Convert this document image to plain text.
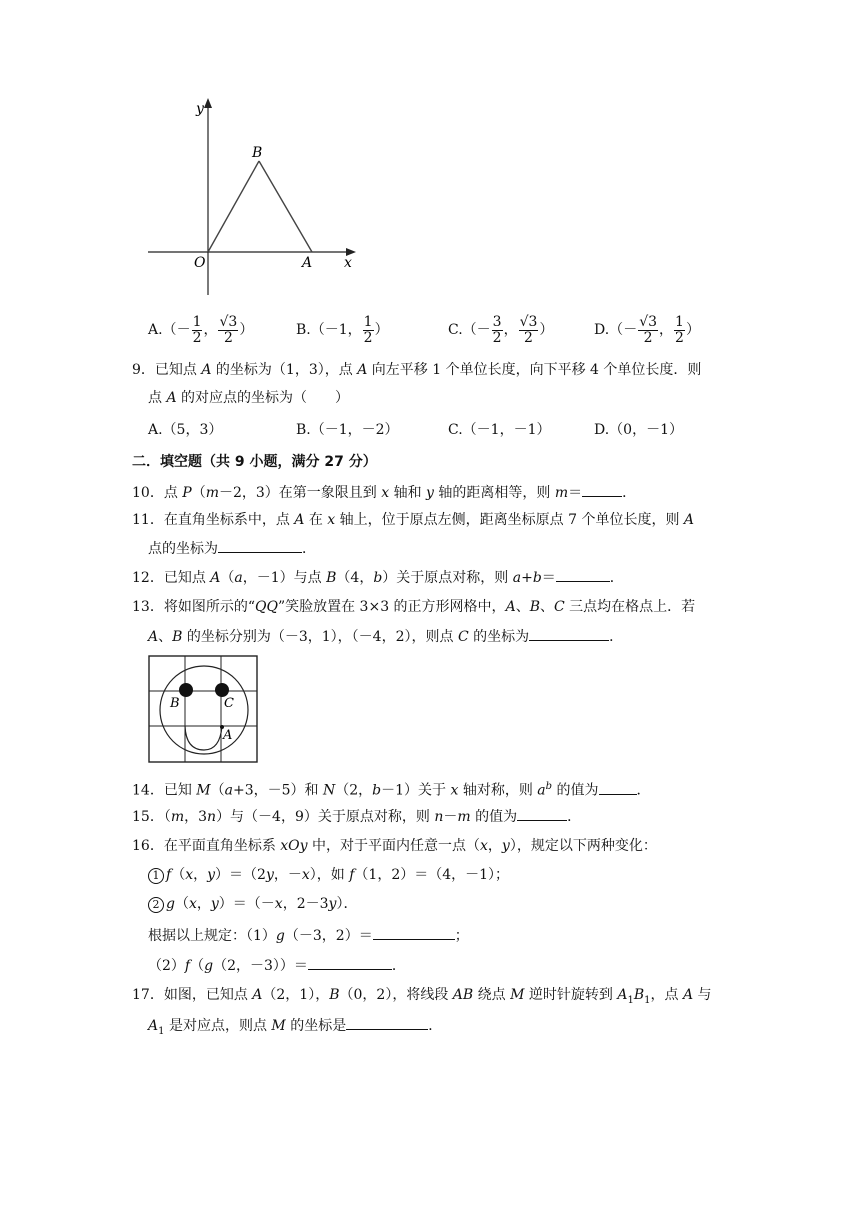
y
B
O	A x
$A.(- \frac{1}{2}$ ， $\frac{√3}{2}$ ）	B.（－1， $\frac{1}{2}$ ）	$C.(- \frac{3}{2}$ ， $\frac{√3}{2}$ ）	$D.(- \frac{√3}{2}$ ， $\frac{1}{2}$ ）
9．已知点 A 的坐标为（1，3），点 A 向左平移 1 个单位长度，向下平移 4 个单位长度．则
点 A 的对应点的坐标为（　　）
A.（5，3）	B.（－1，－2）	C.（－1，－1）	D.（0，－1）
二．填空题（共 9 小题，满分 27 分）
10．点 P（m－2，3）在第一象限且到 x 轴和 y 轴的距离相等，则 m＝	．
11．在直角坐标系中，点 A 在 x 轴上，位于原点左侧，距离坐标原点 7 个单位长度，则 A
点的坐标为	．
12．已知点 A（a，－1）与点 B（4，b）关于原点对称，则 a+b＝	．
13．将如图所示的“QQ”笑脸放置在 3×3 的正方形网格中，A、B、C 三点均在格点上．若
A、B 的坐标分别为（－3，1），（－4，2），则点 C 的坐标为	．
B	C
A
14．已知 M（a+3，－5）和 N（2，b－1）关于 x 轴对称，则 $a^b$ 的值为	．
15．（m，3n）与（－4，9）关于原点对称，则 n－m 的值为	．
16．在平面直角坐标系 xOy 中，对于平面内任意一点（x，y），规定以下两种变化：
1 f（x，y）＝（2y，－x），如 f（1，2）＝（4，－1）；
2 g（x，y）＝（－x，2－3y）．
根据以上规定：（1）g（－3，2）＝	；
（2）f（g（2，－3））＝	．
17．如图，已知点 A（2，1），B（0，2），将线段 AB 绕点 M 逆时针旋转到 $A_1B_1$，点 A 与
$A_1$ 是对应点，则点 M 的坐标是	．
